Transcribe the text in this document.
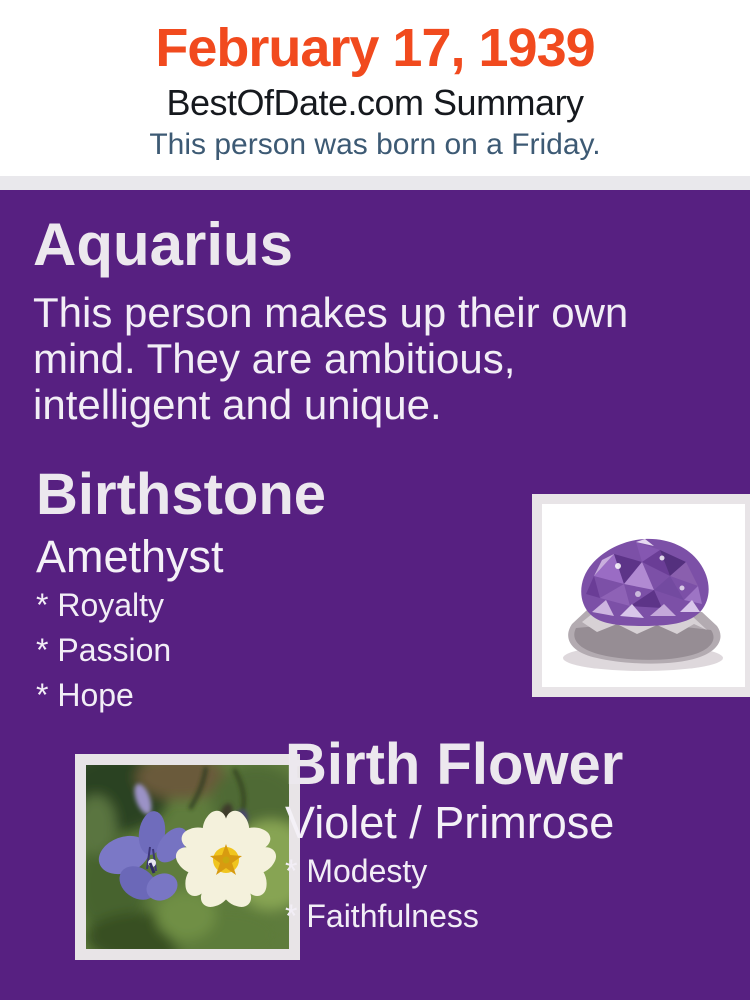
February 17, 1939
BestOfDate.com Summary

This person was born on a Friday.

Aquarius

This person makes up their own mind. They are ambitious, intelligent and unique.

Birthstone

Amethyst

* Royalty
* Passion
* Hope
Birth Flower

Violet / Primrose

* Modesty
* Faithfulness
